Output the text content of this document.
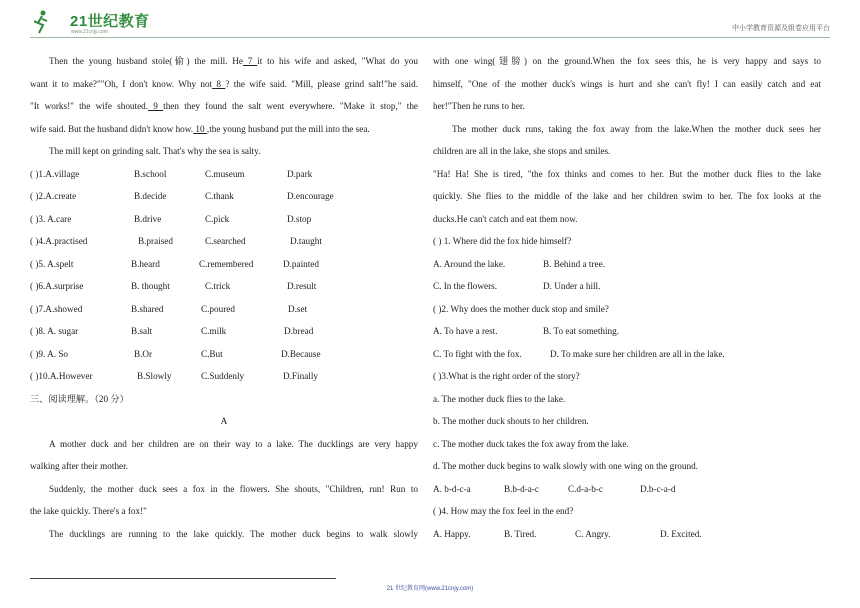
21世纪教育
www.21cnjy.com	中小学教育资源及组卷应用平台
Then the young husband stole(偷) the mill. He 7 it to his wife and asked, "What do you
want it to make?""Oh, I don't know. Why not 8 ? the wife said. "Mill, please grind salt!"he said.
"It works!" the wife shouted. 9 then they found the salt went everywhere. "Make it stop," the
wife said. But the husband didn't know how. 10 ,the young husband put the mill into the sea.
The mill kept on grinding salt. That's why the sea is salty.
( )1.A.village	B.school	C.museum	D.park
( )2.A.create	B.decide	C.thank	D.encourage
( )3. A.care	B.drive	C.pick	D.stop
( )4.A.practised	B.praised	C.searched	D.taught
( )5. A.spelt	B.heard	C.remembered	D.painted
( )6.A.surprise	B. thought	C.trick	D.result
( )7.A.showed	B.shared	C.poured	D.set
( )8. A. sugar	B.salt	C.milk	D.bread
( )9. A. So	B.Or	C.But	D.Because
( )10.A.However	B.Slowly	C.Suddenly	D.Finally
三、阅读理解。（20 分）
A
A mother duck and her children are on their way to a lake. The ducklings are very happy
walking after their mother.
Suddenly, the mother duck sees a fox in the flowers. She shouts, "Children, run! Run to
the lake quickly. There's a fox!"
The ducklings are running to the lake quickly. The mother duck begins to walk slowly
with one wing(翅膀) on the ground.When the fox sees this, he is very happy and says to
himself, "One of the mother duck's wings is hurt and she can't fly! I can easily catch and eat
her!"Then he runs to her.
The mother duck runs, taking the fox away from the lake.When the mother duck sees her
children are all in the lake, she stops and smiles.
"Ha! Ha! She is tired, "the fox thinks and comes to her. But the mother duck flies to the lake
quickly. She flies to the middle of the lake and her children swim to her. The fox looks at the
ducks.He can't catch and eat them now.
( ) 1. Where did the fox hide himself?
A. Around the lake.	B. Behind a tree.
C. In the flowers.	D. Under a hill.
( )2. Why does the mother duck stop and smile?
A. To have a rest.	B. To eat something.
C. To fight with the fox.	D. To make sure her children are all in the lake.
( )3.What is the right order of the story?
a. The mother duck flies to the lake.
b. The mother duck shouts to her children.
c. The mother duck takes the fox away from the lake.
d. The mother duck begins to walk slowly with one wing on the ground.
A. b-d-c-a	B.b-d-a-c	C.d-a-b-c	D.b-c-a-d
( )4. How may the fox feel in the end?
A. Happy.	B. Tired.	C. Angry.	D. Excited.
21 世纪教育网(www.21cnjy.com)
